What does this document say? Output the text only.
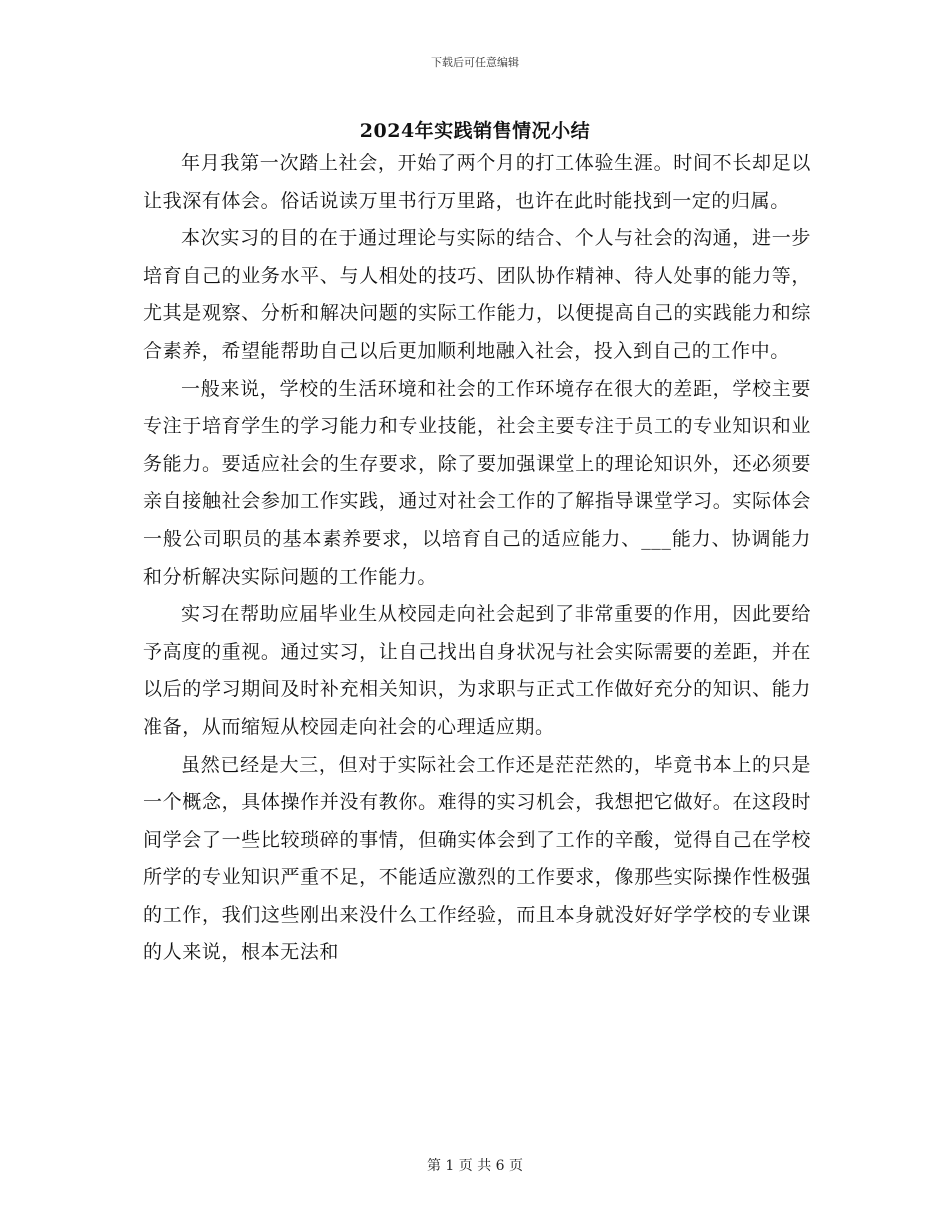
下载后可任意编辑
2024年实践销售情况小结

年月我第一次踏上社会，开始了两个月的打工体验生涯。时间不长却足以让我深有体会。俗话说读万里书行万里路，也许在此时能找到一定的归属。

本次实习的目的在于通过理论与实际的结合、个人与社会的沟通，进一步培育自己的业务水平、与人相处的技巧、团队协作精神、待人处事的能力等，尤其是观察、分析和解决问题的实际工作能力，以便提高自己的实践能力和综合素养，希望能帮助自己以后更加顺利地融入社会，投入到自己的工作中。

一般来说，学校的生活环境和社会的工作环境存在很大的差距，学校主要专注于培育学生的学习能力和专业技能，社会主要专注于员工的专业知识和业务能力。要适应社会的生存要求，除了要加强课堂上的理论知识外，还必须要亲自接触社会参加工作实践，通过对社会工作的了解指导课堂学习。实际体会一般公司职员的基本素养要求，以培育自己的适应能力、___能力、协调能力和分析解决实际问题的工作能力。

实习在帮助应届毕业生从校园走向社会起到了非常重要的作用，因此要给予高度的重视。通过实习，让自己找出自身状况与社会实际需要的差距，并在以后的学习期间及时补充相关知识，为求职与正式工作做好充分的知识、能力准备，从而缩短从校园走向社会的心理适应期。

虽然已经是大三，但对于实际社会工作还是茫茫然的，毕竟书本上的只是一个概念，具体操作并没有教你。难得的实习机会，我想把它做好。在这段时间学会了一些比较琐碎的事情，但确实体会到了工作的辛酸，觉得自己在学校所学的专业知识严重不足，不能适应激烈的工作要求，像那些实际操作性极强的工作，我们这些刚出来没什么工作经验，而且本身就没好好学学校的专业课的人来说，根本无法和

第 1 页 共 6 页
